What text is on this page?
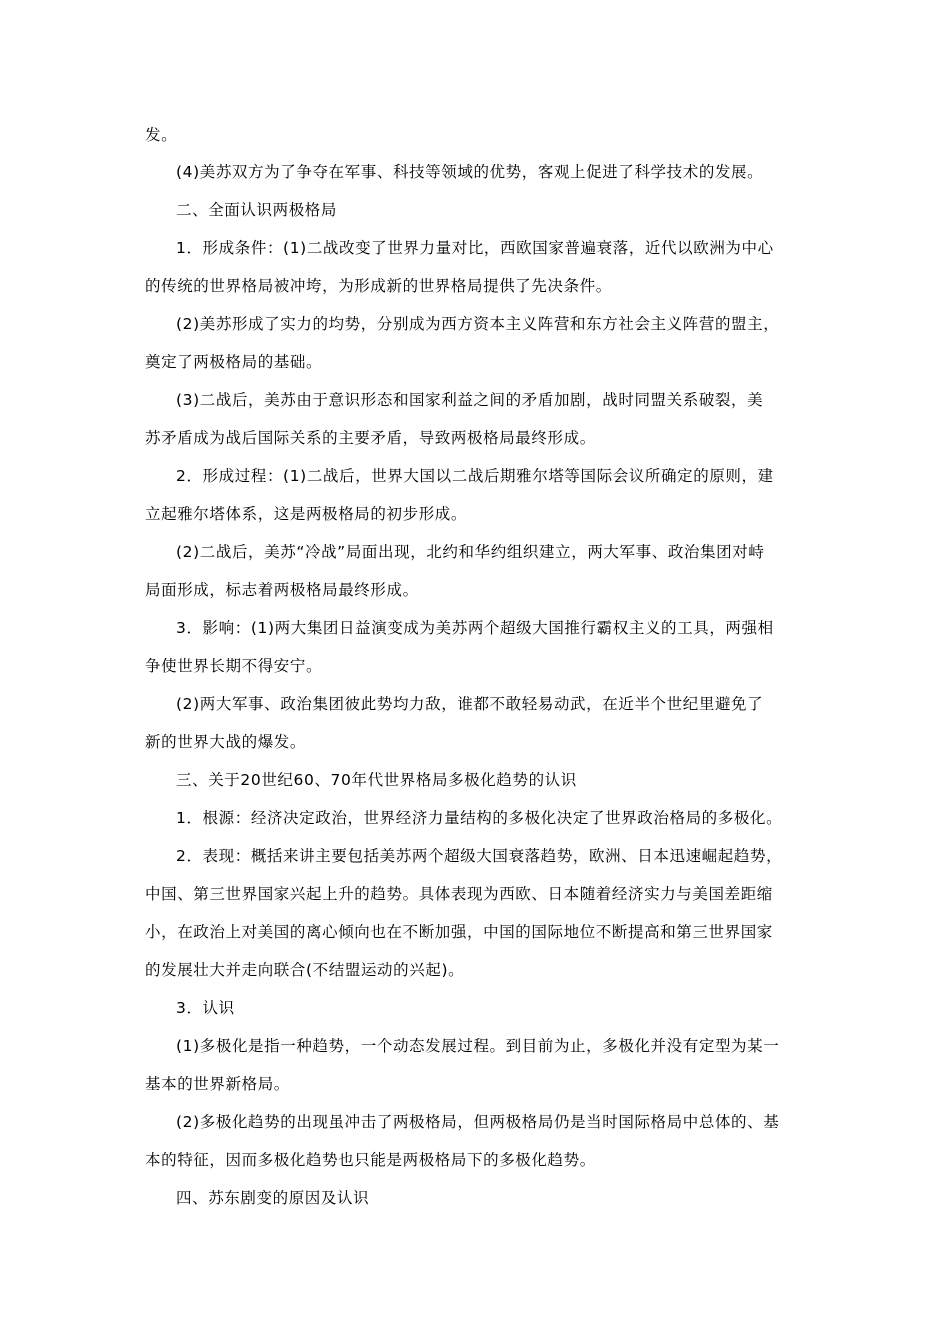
发。
(4)美苏双方为了争夺在军事、科技等领域的优势，客观上促进了科学技术的发展。
二、全面认识两极格局
1．形成条件：(1)二战改变了世界力量对比，西欧国家普遍衰落，近代以欧洲为中心
的传统的世界格局被冲垮，为形成新的世界格局提供了先决条件。
(2)美苏形成了实力的均势，分别成为西方资本主义阵营和东方社会主义阵营的盟主，
奠定了两极格局的基础。
(3)二战后，美苏由于意识形态和国家利益之间的矛盾加剧，战时同盟关系破裂，美
苏矛盾成为战后国际关系的主要矛盾，导致两极格局最终形成。
2．形成过程：(1)二战后，世界大国以二战后期雅尔塔等国际会议所确定的原则，建
立起雅尔塔体系，这是两极格局的初步形成。
(2)二战后，美苏“冷战”局面出现，北约和华约组织建立，两大军事、政治集团对峙
局面形成，标志着两极格局最终形成。
3．影响：(1)两大集团日益演变成为美苏两个超级大国推行霸权主义的工具，两强相
争使世界长期不得安宁。
(2)两大军事、政治集团彼此势均力敌，谁都不敢轻易动武，在近半个世纪里避免了
新的世界大战的爆发。
三、关于20世纪60、70年代世界格局多极化趋势的认识
1．根源：经济决定政治，世界经济力量结构的多极化决定了世界政治格局的多极化。
2．表现：概括来讲主要包括美苏两个超级大国衰落趋势，欧洲、日本迅速崛起趋势，
中国、第三世界国家兴起上升的趋势。具体表现为西欧、日本随着经济实力与美国差距缩
小，在政治上对美国的离心倾向也在不断加强，中国的国际地位不断提高和第三世界国家
的发展壮大并走向联合(不结盟运动的兴起)。
3．认识
(1)多极化是指一种趋势，一个动态发展过程。到目前为止，多极化并没有定型为某一
基本的世界新格局。
(2)多极化趋势的出现虽冲击了两极格局，但两极格局仍是当时国际格局中总体的、基
本的特征，因而多极化趋势也只能是两极格局下的多极化趋势。
四、苏东剧变的原因及认识
